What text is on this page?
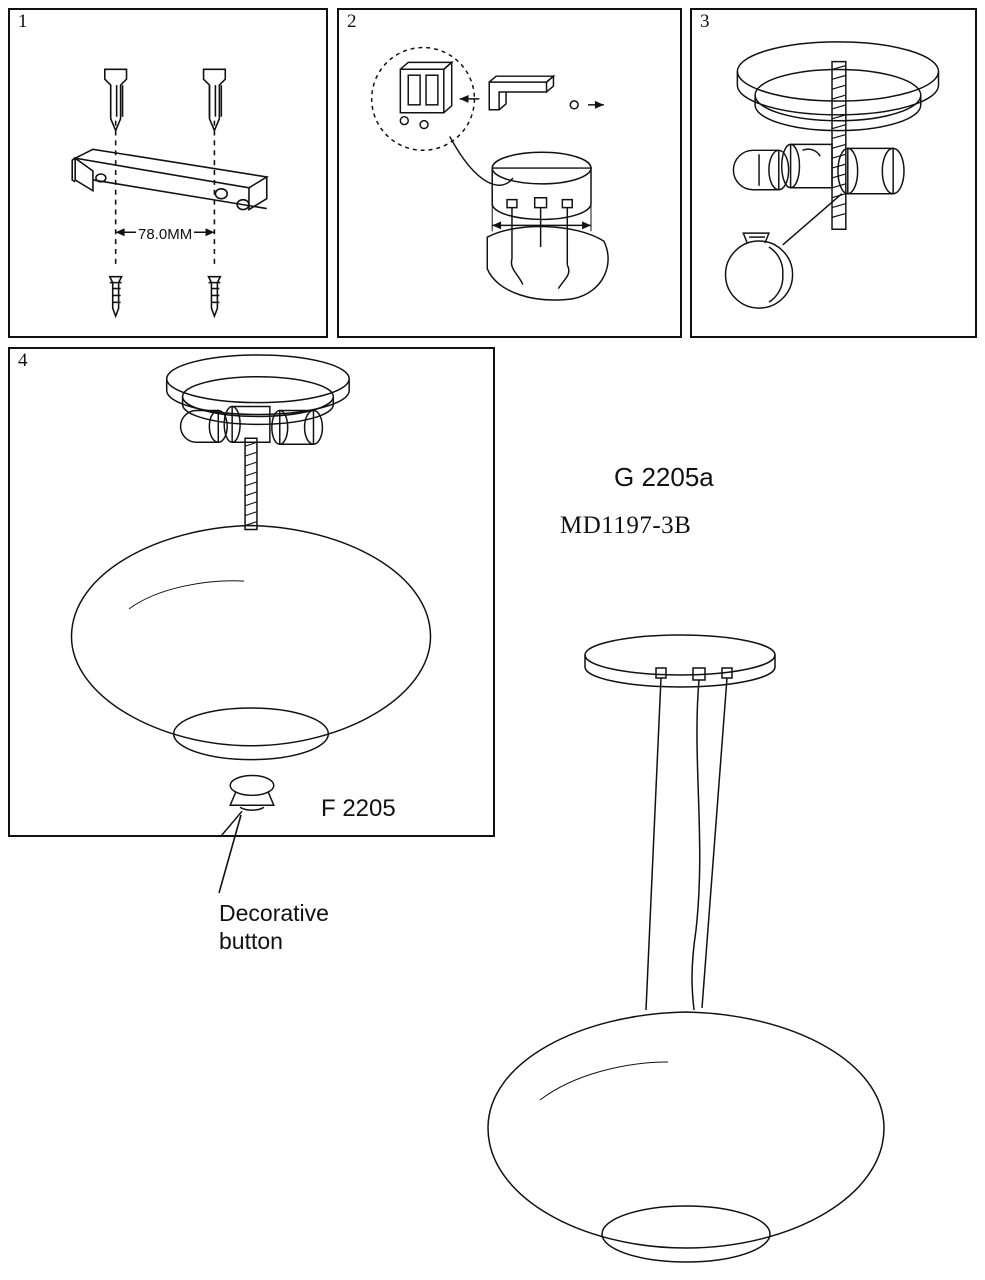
1
78.0MM
2	3
4
G 2205a
MD1197-3B
F 2205
Decorative
button
